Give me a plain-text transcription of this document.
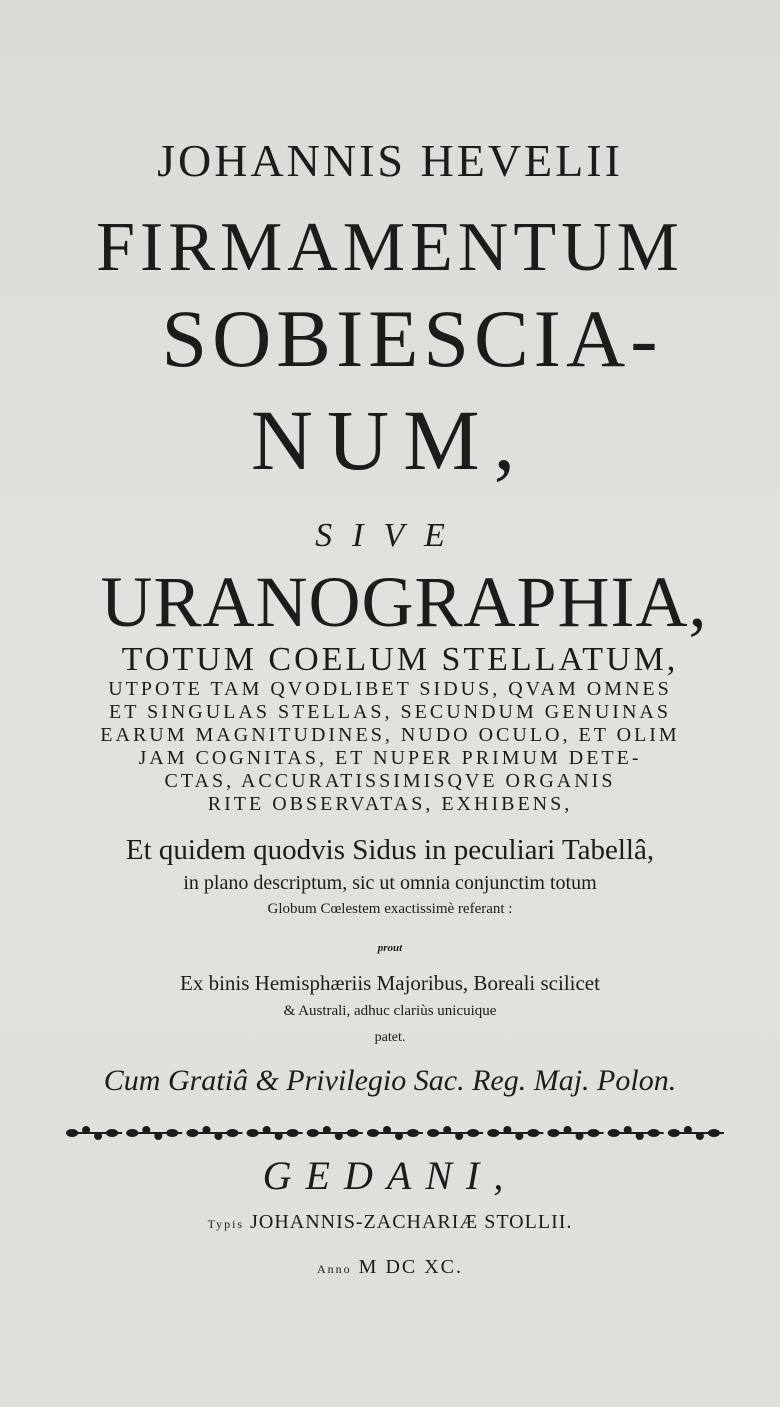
JOHANNIS HEVELII
FIRMAMENTUM
SOBIESCIA-
NUM,
SIVE
URANOGRAPHIA,
TOTUM COELUM STELLATUM,
UTPOTE TAM QVODLIBET SIDUS, QVAM OMNES
ET SINGULAS STELLAS, SECUNDUM GENUINAS
EARUM MAGNITUDINES, NUDO OCULO, ET OLIM
JAM COGNITAS, ET NUPER PRIMUM DETE-
CTAS, ACCURATISSIMISQVE ORGANIS
RITE OBSERVATAS, EXHIBENS,
Et quidem quodvis Sidus in peculiari Tabellâ,
in plano descriptum, sic ut omnia conjunctim totum
Globum Cœlestem exactissimè referant :
prout
Ex binis Hemisphæriis Majoribus, Boreali scilicet
& Australi, adhuc clariùs unicuique
patet.
Cum Gratiâ & Privilegio Sac. Reg. Maj. Polon.
GEDANI,
Typis JOHANNIS-ZACHARIÆ STOLLII.
Anno M DC XC.
